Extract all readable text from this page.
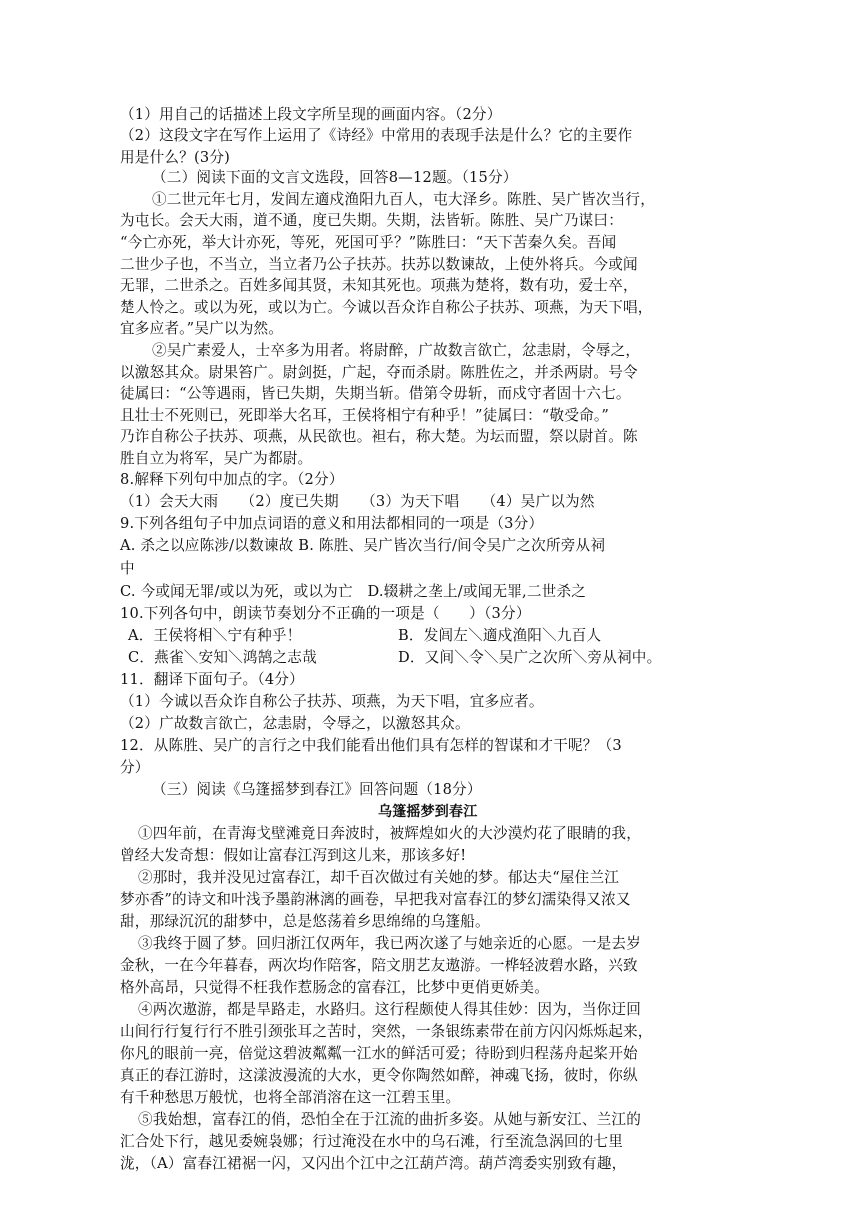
（1）用自己的话描述上段文字所呈现的画面内容。（2分）
（2）这段文字在写作上运用了《诗经》中常用的表现手法是什么？它的主要作
用是什么？(3分)
（二）阅读下面的文言文选段，回答8—12题。（15分）
①二世元年七月，发闾左適戍渔阳九百人，屯大泽乡。陈胜、吴广皆次当行，
为屯长。会天大雨，道不通，度已失期。失期，法皆斩。陈胜、吴广乃谋曰：
“今亡亦死，举大计亦死，等死，死国可乎？”陈胜曰：“天下苦秦久矣。吾闻
二世少子也，不当立，当立者乃公子扶苏。扶苏以数谏故，上使外将兵。今或闻
无罪，二世杀之。百姓多闻其贤，未知其死也。项燕为楚将，数有功，爱士卒，
楚人怜之。或以为死，或以为亡。今诚以吾众诈自称公子扶苏、项燕，为天下唱，
宜多应者。”吴广以为然。
②吴广素爱人，士卒多为用者。将尉醉，广故数言欲亡，忿恚尉，令辱之，
以激怒其众。尉果笞广。尉剑挺，广起，夺而杀尉。陈胜佐之，并杀两尉。号令
徒属曰：“公等遇雨，皆已失期，失期当斩。借第令毋斩，而戍守者固十六七。
且壮士不死则已，死即举大名耳，王侯将相宁有种乎！”徒属曰：“敬受命。”
乃诈自称公子扶苏、项燕，从民欲也。袒右，称大楚。为坛而盟，祭以尉首。陈
胜自立为将军，吴广为都尉。
8.解释下列句中加点的字。（2分）
（1）会天大雨　　（2）度已失期　　（3）为天下唱　　（4）吴广以为然
9.下列各组句子中加点词语的意义和用法都相同的一项是（3分）
A. 杀之以应陈涉/以数谏故 B. 陈胜、吴广皆次当行/间令吴广之次所旁从祠
中
C. 今或闻无罪/或以为死，或以为亡　D.辍耕之垄上/或闻无罪,二世杀之
10.下列各句中，朗读节奏划分不正确的一项是（　　）（3分）
A．王侯将相＼宁有种乎！	B．发闾左＼適戍渔阳＼九百人
C．燕雀＼安知＼鸿鹄之志哉	D．又间＼令＼吴广之次所＼旁从祠中。
11．翻译下面句子。（4分）
（1）今诚以吾众诈自称公子扶苏、项燕，为天下唱，宜多应者。
（2）广故数言欲亡，忿恚尉，令辱之，以激怒其众。
12．从陈胜、吴广的言行之中我们能看出他们具有怎样的智谋和才干呢？（3
分）
（三）阅读《乌篷摇梦到春江》回答问题（18分）
乌篷摇梦到春江
①四年前，在青海戈壁滩竟日奔波时，被辉煌如火的大沙漠灼花了眼睛的我，
曾经大发奇想：假如让富春江泻到这儿来，那该多好!
②那时，我并没见过富春江，却千百次做过有关她的梦。郁达夫“屋住兰江
梦亦香”的诗文和叶浅予墨韵淋漓的画卷，早把我对富春江的梦幻濡染得又浓又
甜，那绿沉沉的甜梦中，总是悠荡着乡思绵绵的乌篷船。
③我终于圆了梦。回归浙江仅两年，我已两次遂了与她亲近的心愿。一是去岁
金秋，一在今年暮春，两次均作陪客，陪文朋艺友遨游。一桦轻波碧水路，兴致
格外高昂，只觉得不枉我作惹肠念的富春江，比梦中更俏更娇美。
④两次遨游，都是旱路走，水路归。这行程颇使人得其佳妙：因为，当你迂回
山间行行复行行不胜引颈张耳之苦时，突然，一条银练素带在前方闪闪烁烁起来，
你凡的眼前一亮，倍觉这碧波粼粼一江水的鲜活可爱；待盼到归程荡舟起桨开始
真正的春江游时，这漾波漫流的大水，更令你陶然如醉，神魂飞扬，彼时，你纵
有千种愁思万般忧，也将全部消溶在这一江碧玉里。
⑤我始想，富春江的俏，恐怕全在于江流的曲折多姿。从她与新安江、兰江的
汇合处下行，越见委婉袅娜；行过淹没在水中的乌石滩，行至流急涡回的七里
泷，（A）富春江裙裾一闪，又闪出个江中之江葫芦湾。葫芦湾委实别致有趣，
